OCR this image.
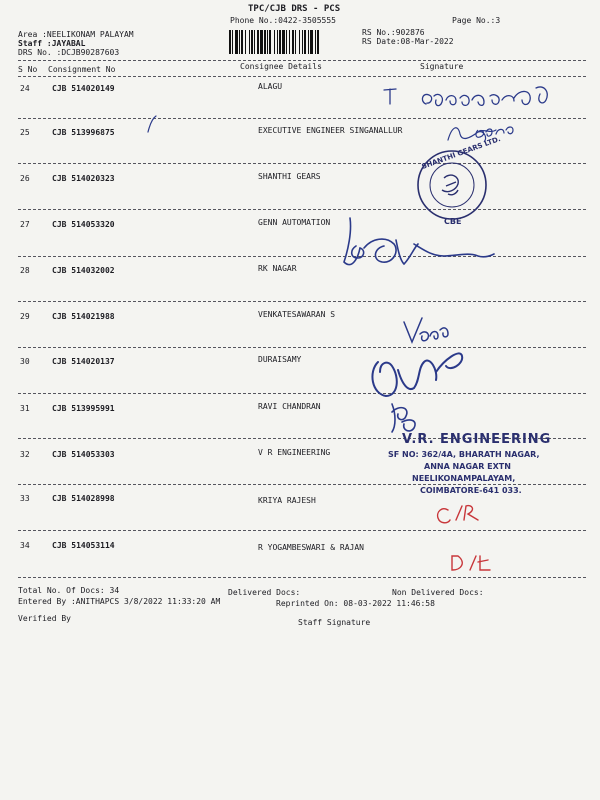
TPC/CJB DRS - PCS
Phone No.:0422-3505555	Page No.:3
Area :NEELIKONAM PALAYAM
Staff :JAYABAL
DRS No. :DCJB90287603
RS No.:902876
RS Date:08-Mar-2022
S No Consignment No	Consignee Details	Signature
24	CJB 514020149	ALAGU
25	CJB 513996875	EXECUTIVE ENGINEER SINGANALLUR
26	CJB 514020323	SHANTHI GEARS
27	CJB 514053320	GENN AUTOMATION
28	CJB 514032002	RK NAGAR
29	CJB 514021988	VENKATESAWARAN S
30	CJB 514020137	DURAISAMY
31	CJB 513995991	RAVI CHANDRAN
32	CJB 514053303	V R ENGINEERING
33	CJB 514028998	KRIYA RAJESH
34	CJB 514053114	R YOGAMBESWARI & RAJAN
Total No. Of Docs: 34	Delivered Docs:	Non Delivered Docs:
Entered By :ANITHAPCS 3/8/2022 11:33:20 AM	Reprinted On: 08-03-2022 11:46:58
Verified By	Staff Signature
V.R. ENGINEERING
SF NO: 362/4A, BHARATH NAGAR,
ANNA NAGAR EXTN
NEELIKONAMPALAYAM,
COIMBATORE-641 033.
SHANTHI GEARS LTD.
CBE
